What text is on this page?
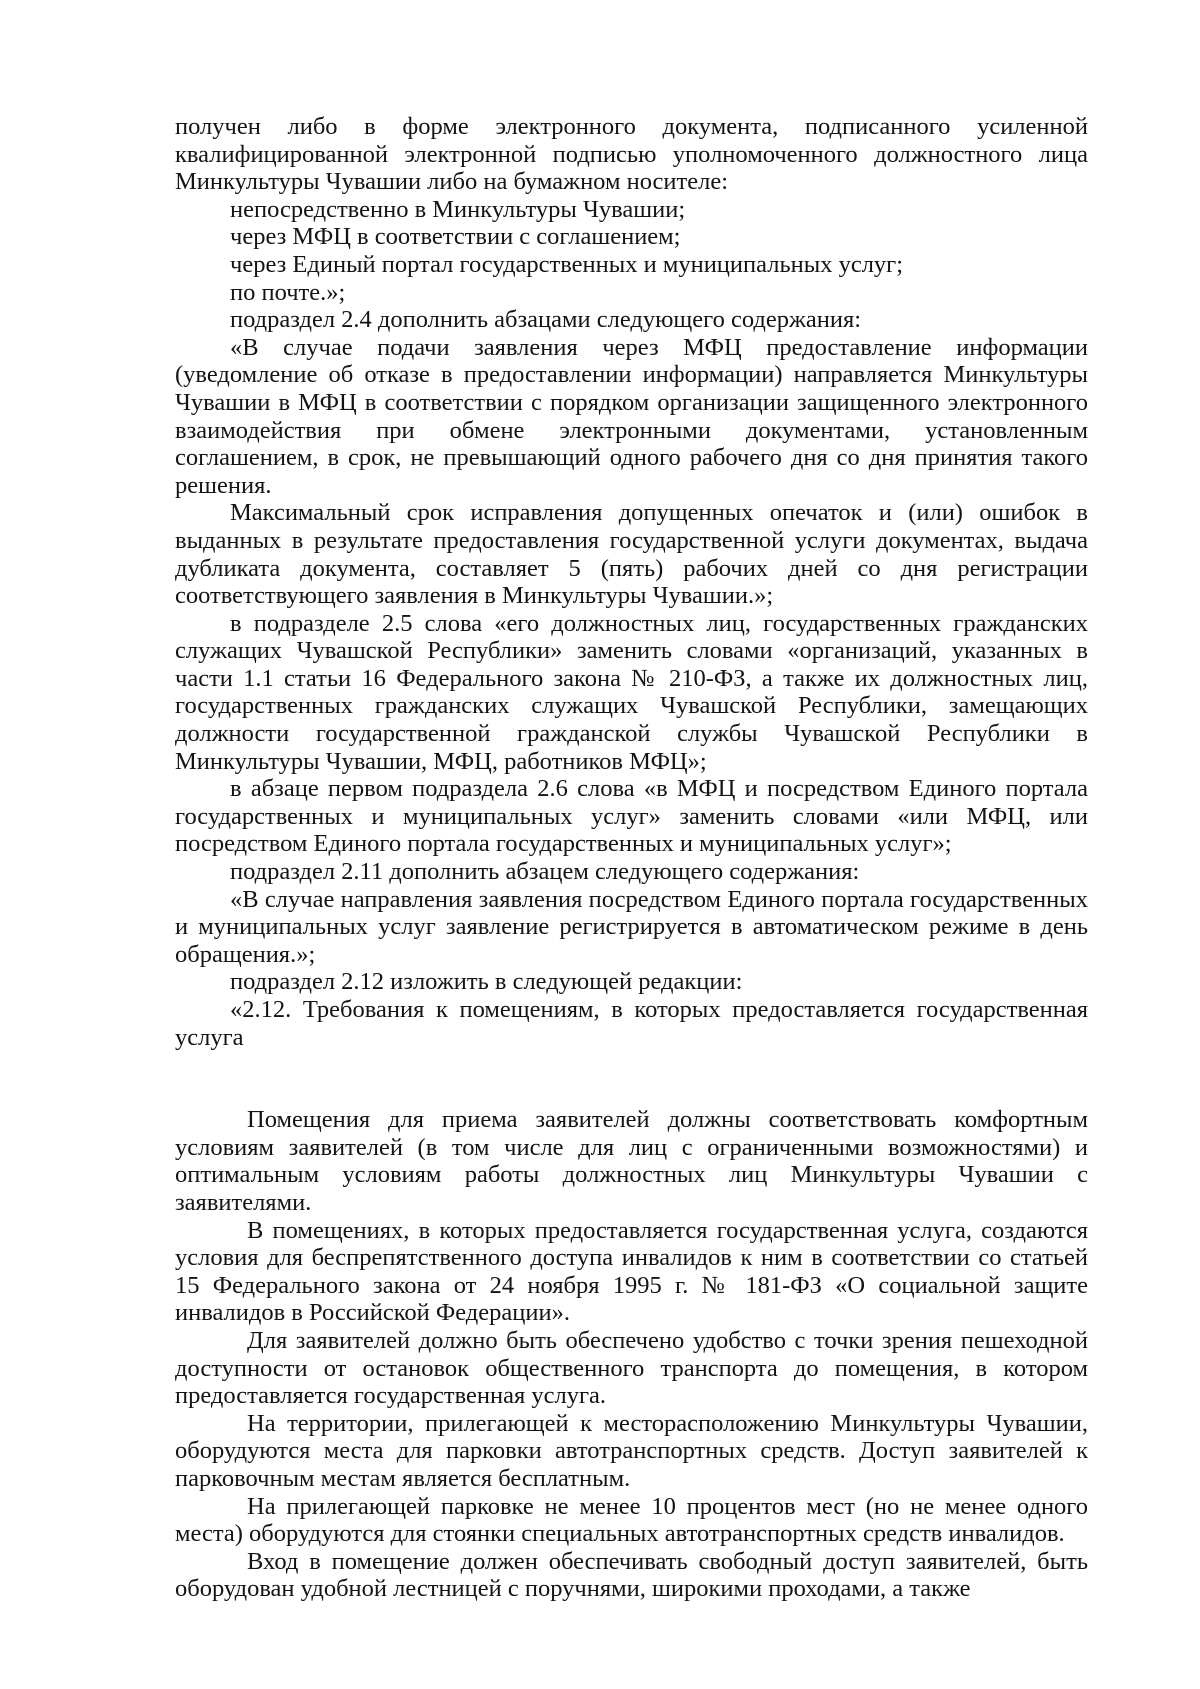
получен либо в форме электронного документа, подписанного усиленной квалифицированной электронной подписью уполномоченного должностного лица Минкультуры Чувашии либо на бумажном носителе:

непосредственно в Минкультуры Чувашии;

через МФЦ в соответствии с соглашением;

через Единый портал государственных и муниципальных услуг;

по почте.»;

подраздел 2.4 дополнить абзацами следующего содержания:

«В случае подачи заявления через МФЦ предоставление информации (уведомление об отказе в предоставлении информации) направляется Минкультуры Чувашии в МФЦ в соответствии с порядком организации защищенного электронного взаимодействия при обмене электронными документами, установленным соглашением, в срок, не превышающий одного рабочего дня со дня принятия такого решения.

Максимальный срок исправления допущенных опечаток и (или) ошибок в выданных в результате предоставления государственной услуги документах, выдача дубликата документа, составляет 5 (пять) рабочих дней со дня регистрации соответствующего заявления в Минкультуры Чувашии.»;

в подразделе 2.5 слова «его должностных лиц, государственных гражданских служащих Чувашской Республики» заменить словами «организаций, указанных в части 1.1 статьи 16 Федерального закона № 210-ФЗ, а также их должностных лиц, государственных гражданских служащих Чувашской Республики, замещающих должности государственной гражданской службы Чувашской Республики в Минкультуры Чувашии, МФЦ, работников МФЦ»;

в абзаце первом подраздела 2.6 слова «в МФЦ и посредством Единого портала государственных и муниципальных услуг» заменить словами «или МФЦ, или посредством Единого портала государственных и муниципальных услуг»;

подраздел 2.11 дополнить абзацем следующего содержания:

«В случае направления заявления посредством Единого портала государственных и муниципальных услуг заявление регистрируется в автоматическом режиме в день обращения.»;

подраздел 2.12 изложить в следующей редакции:

«2.12. Требования к помещениям, в которых предоставляется государственная услуга

Помещения для приема заявителей должны соответствовать комфортным условиям заявителей (в том числе для лиц с ограниченными возможностями) и оптимальным условиям работы должностных лиц Минкультуры Чувашии с заявителями.

В помещениях, в которых предоставляется государственная услуга, создаются условия для беспрепятственного доступа инвалидов к ним в соответствии со статьей 15 Федерального закона от 24 ноября 1995 г. № 181-ФЗ «О социальной защите инвалидов в Российской Федерации».

Для заявителей должно быть обеспечено удобство с точки зрения пешеходной доступности от остановок общественного транспорта до помещения, в котором предоставляется государственная услуга.

На территории, прилегающей к месторасположению Минкультуры Чувашии, оборудуются места для парковки автотранспортных средств. Доступ заявителей к парковочным местам является бесплатным.

На прилегающей парковке не менее 10 процентов мест (но не менее одного места) оборудуются для стоянки специальных автотранспортных средств инвалидов.

Вход в помещение должен обеспечивать свободный доступ заявителей, быть оборудован удобной лестницей с поручнями, широкими проходами, а также
